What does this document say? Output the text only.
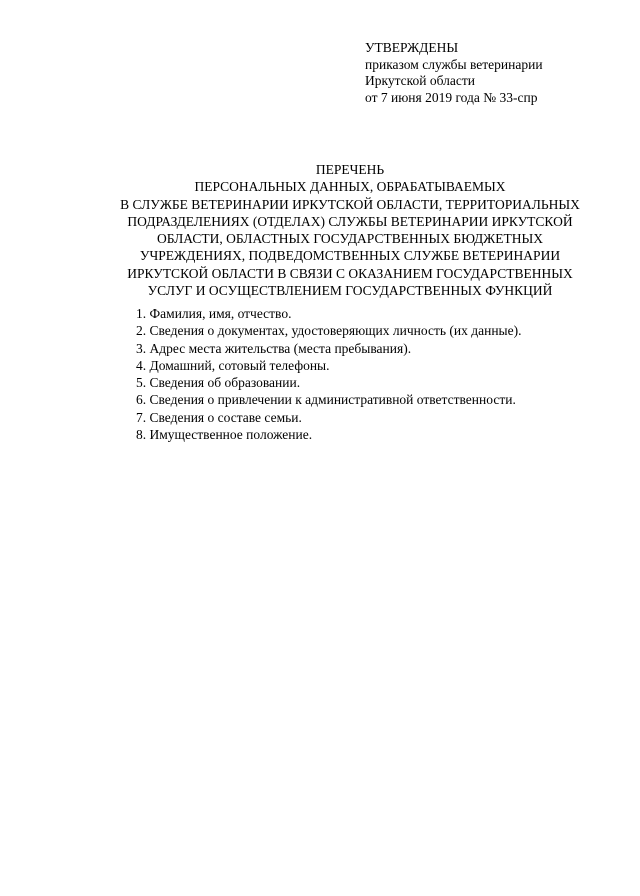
УТВЕРЖДЕНЫ
приказом службы ветеринарии
Иркутской области
от 7 июня 2019 года № 33-спр
ПЕРЕЧЕНЬ
ПЕРСОНАЛЬНЫХ ДАННЫХ, ОБРАБАТЫВАЕМЫХ
В СЛУЖБЕ ВЕТЕРИНАРИИ ИРКУТСКОЙ ОБЛАСТИ, ТЕРРИТОРИАЛЬНЫХ
ПОДРАЗДЕЛЕНИЯХ (ОТДЕЛАХ) СЛУЖБЫ ВЕТЕРИНАРИИ ИРКУТСКОЙ
ОБЛАСТИ, ОБЛАСТНЫХ ГОСУДАРСТВЕННЫХ БЮДЖЕТНЫХ
УЧРЕЖДЕНИЯХ, ПОДВЕДОМСТВЕННЫХ СЛУЖБЕ ВЕТЕРИНАРИИ
ИРКУТСКОЙ ОБЛАСТИ В СВЯЗИ С ОКАЗАНИЕМ ГОСУДАРСТВЕННЫХ
УСЛУГ И ОСУЩЕСТВЛЕНИЕМ ГОСУДАРСТВЕННЫХ ФУНКЦИЙ
1. Фамилия, имя, отчество.
2. Сведения о документах, удостоверяющих личность (их данные).
3. Адрес места жительства (места пребывания).
4. Домашний, сотовый телефоны.
5. Сведения об образовании.
6. Сведения о привлечении к административной ответственности.
7. Сведения о составе семьи.
8. Имущественное положение.
